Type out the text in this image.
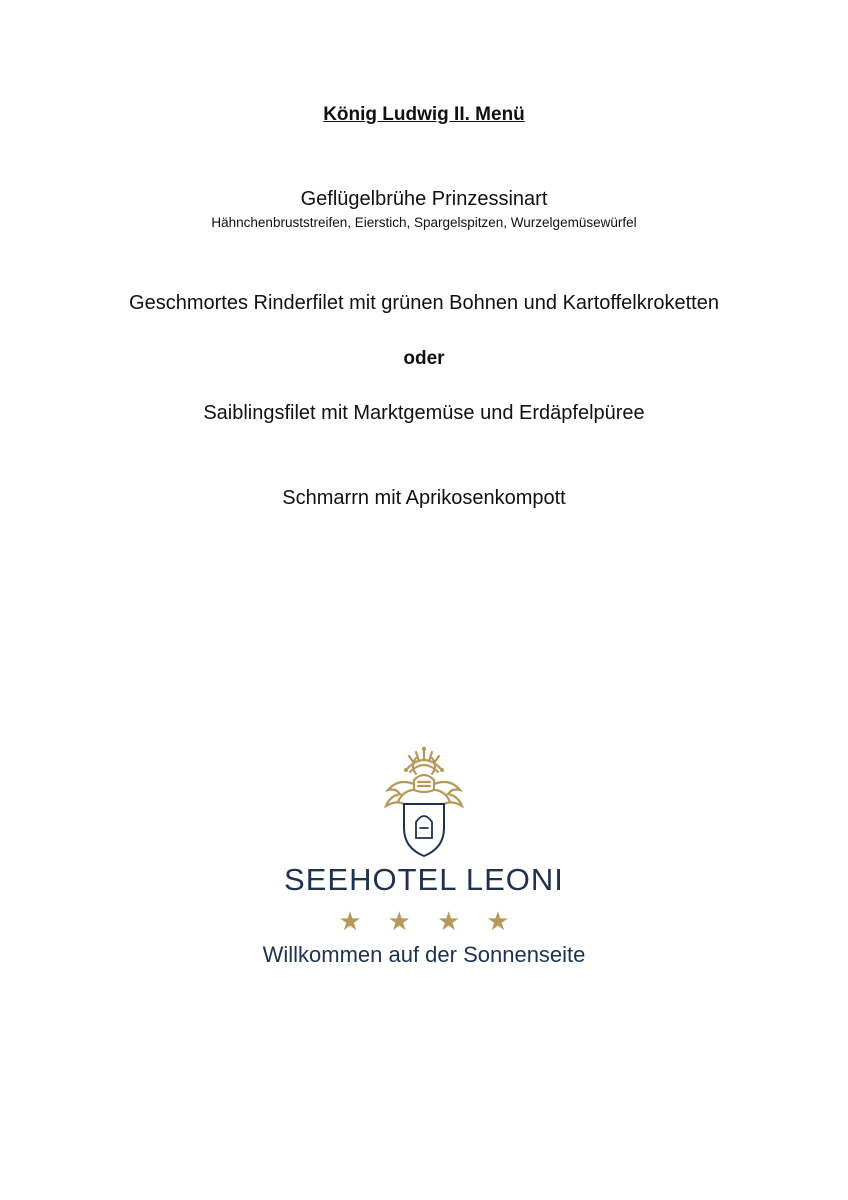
König Ludwig II. Menü
Geflügelbrühe Prinzessinart
Hähnchenbruststreifen, Eierstich, Spargelspitzen, Wurzelgemüsewürfel
Geschmortes Rinderfilet mit grünen Bohnen und Kartoffelkroketten
oder
Saiblingsfilet mit Marktgemüse und Erdäpfelpüree
Schmarrn mit Aprikosenkompott
SEEHOTEL LEONI
★★★★
Willkommen auf der Sonnenseite
